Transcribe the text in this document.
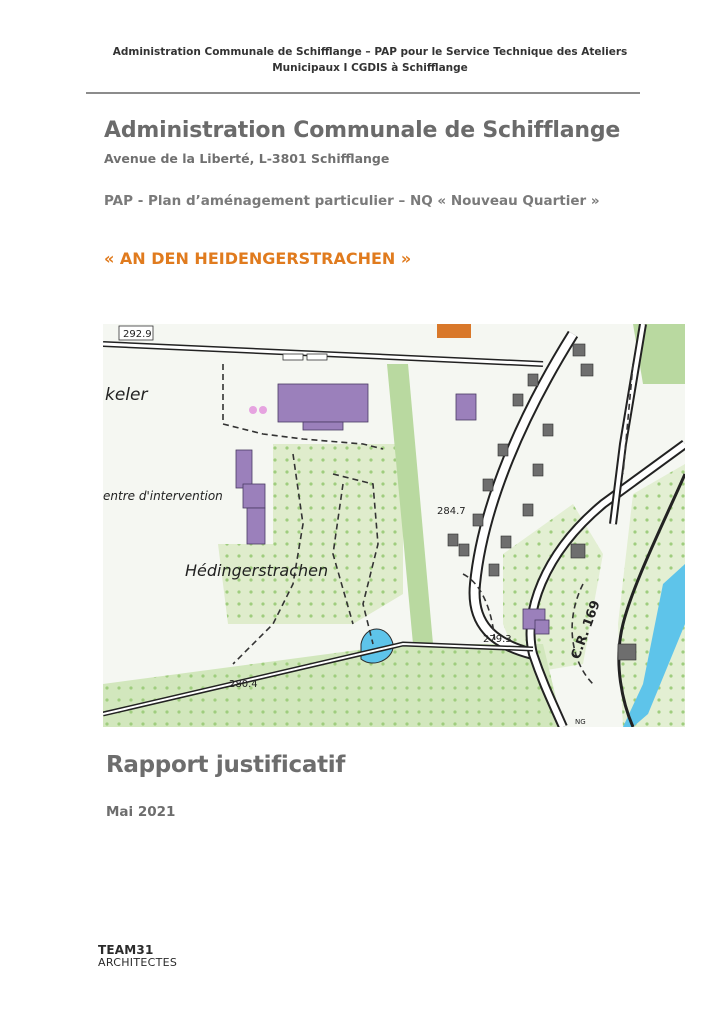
Administration Communale de Schifflange – PAP pour le Service Technique des Ateliers
Municipaux I CGDIS à Schifflange
Administration Communale de Schifflange
Avenue de la Liberté, L-3801 Schifflange
PAP - Plan d’aménagement particulier – NQ « Nouveau Quartier »
« AN DEN HEIDENGERSTRACHEN »
292.9
keler
entre d'intervention
Hédingerstrachen
284.7
280.4
279.3	C.R. 169
NG
Rapport justificatif
Mai 2021
TEAM31
ARCHITECTES
